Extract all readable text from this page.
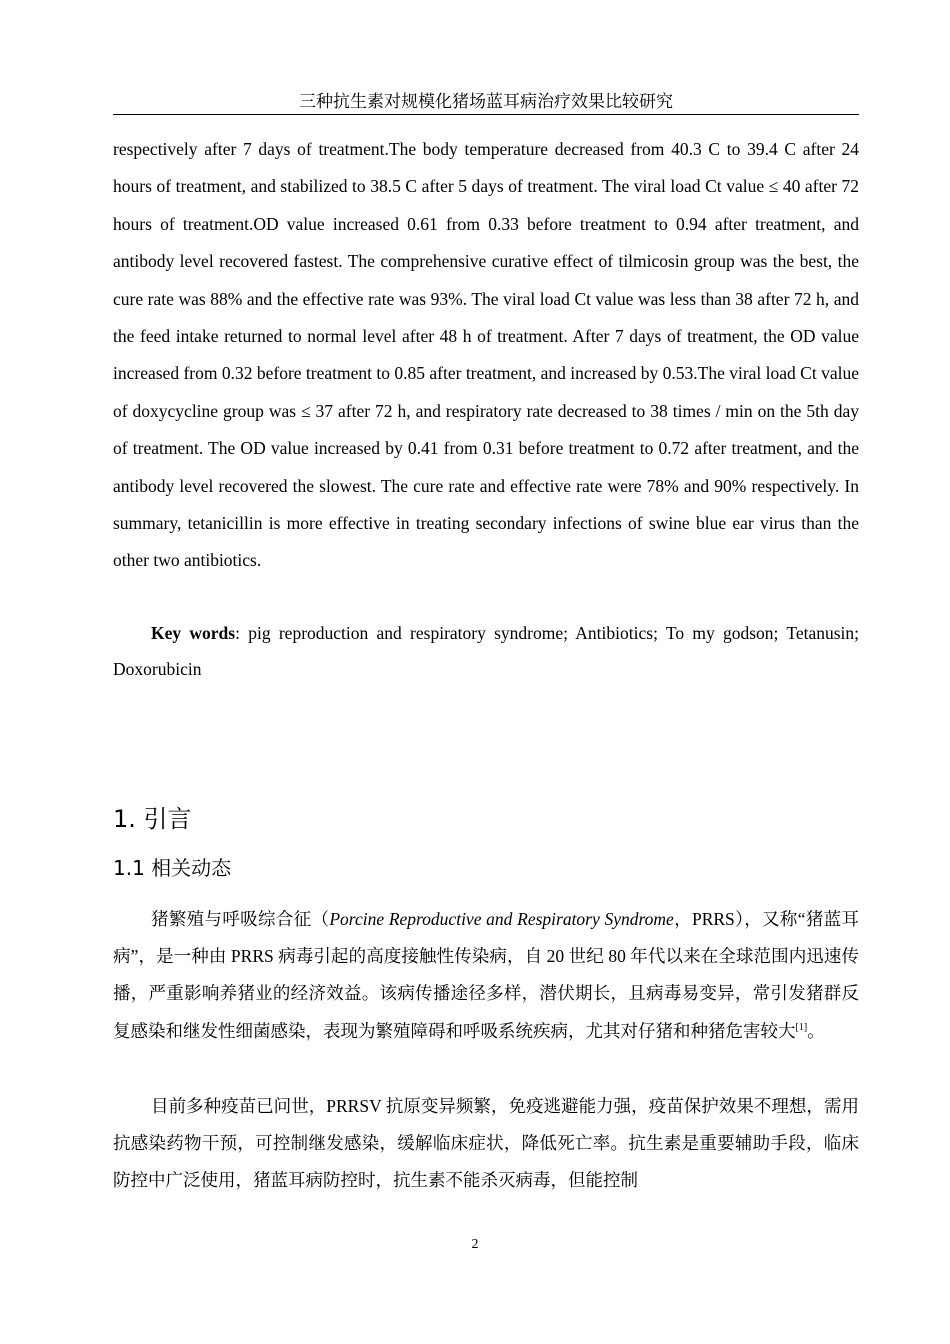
三种抗生素对规模化猪场蓝耳病治疗效果比较研究

respectively after 7 days of treatment.The body temperature decreased from 40.3 C to 39.4 C after 24 hours of treatment, and stabilized to 38.5 C after 5 days of treatment. The viral load Ct value ≤ 40 after 72 hours of treatment.OD value increased 0.61 from 0.33 before treatment to 0.94 after treatment, and antibody level recovered fastest. The comprehensive curative effect of tilmicosin group was the best, the cure rate was 88% and the effective rate was 93%. The viral load Ct value was less than 38 after 72 h, and the feed intake returned to normal level after 48 h of treatment. After 7 days of treatment, the OD value increased from 0.32 before treatment to 0.85 after treatment, and increased by 0.53.The viral load Ct value of doxycycline group was ≤ 37 after 72 h, and respiratory rate decreased to 38 times / min on the 5th day of treatment. The OD value increased by 0.41 from 0.31 before treatment to 0.72 after treatment, and the antibody level recovered the slowest. The cure rate and effective rate were 78% and 90% respectively. In summary, tetanicillin is more effective in treating secondary infections of swine blue ear virus than the other two antibiotics.

Key words: pig reproduction and respiratory syndrome; Antibiotics; To my godson; Tetanusin; Doxorubicin

1. 引言
1.1 相关动态

猪繁殖与呼吸综合征（Porcine Reproductive and Respiratory Syndrome，PRRS），又称“猪蓝耳病”，是一种由 PRRS 病毒引起的高度接触性传染病，自 20 世纪 80 年代以来在全球范围内迅速传播，严重影响养猪业的经济效益。该病传播途径多样，潜伏期长，且病毒易变异，常引发猪群反复感染和继发性细菌感染，表现为繁殖障碍和呼吸系统疾病，尤其对仔猪和种猪危害较大[1]。

目前多种疫苗已问世，PRRSV 抗原变异频繁，免疫逃避能力强，疫苗保护效果不理想，需用抗感染药物干预，可控制继发感染，缓解临床症状，降低死亡率。抗生素是重要辅助手段，临床防控中广泛使用，猪蓝耳病防控时，抗生素不能杀灭病毒，但能控制

2
